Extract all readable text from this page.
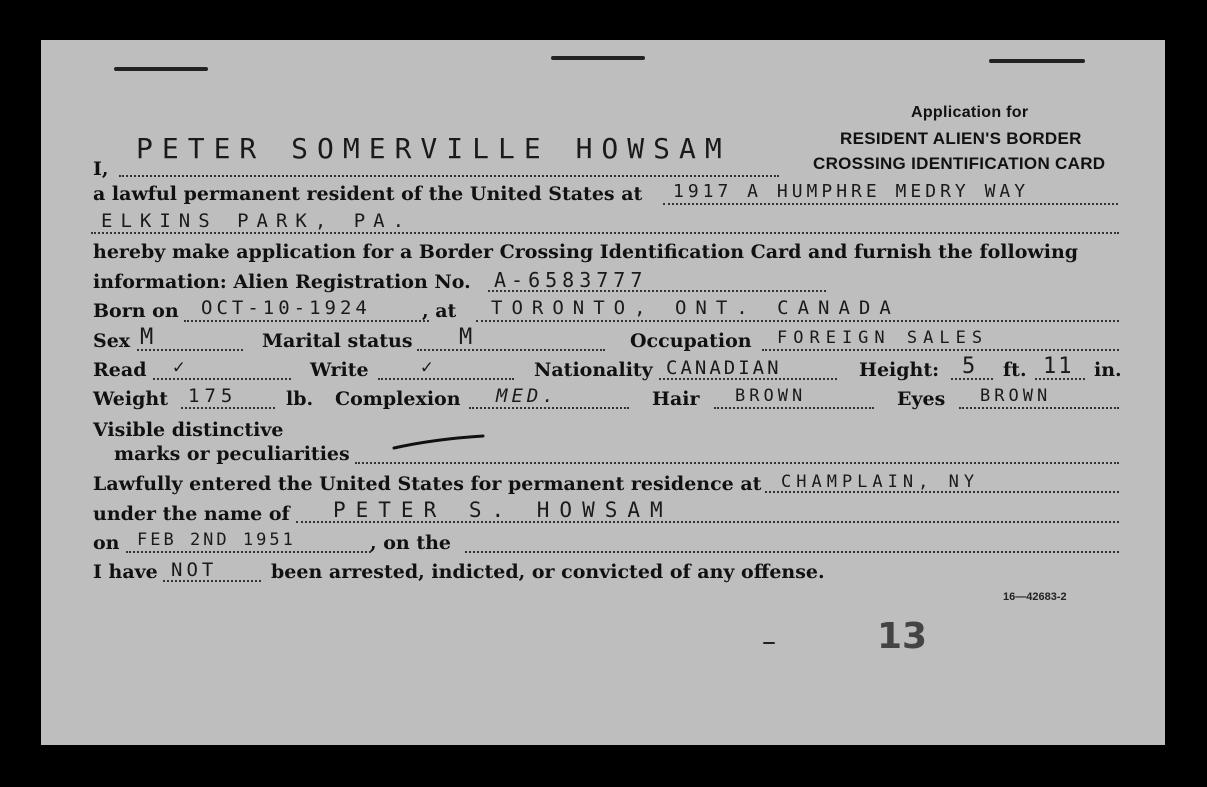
Application for
RESIDENT ALIEN'S BORDER
CROSSING IDENTIFICATION CARD
I,
PETER SOMERVILLE HOWSAM
a lawful permanent resident of the United States at 1917 A HUMPHRE MEDRY WAY
ELKINS PARK, PA.
hereby make application for a Border Crossing Identification Card and furnish the following
information: Alien Registration No. A-6583777
Born on OCT-10-1924	, at TORONTO, ONT. CANADA
Sex M	Marital status M	Occupation FOREIGN SALES
Read ✓	Write	✓	Nationality CANADIAN	Height: 5 ft. 11 in.
Weight 175	lb. Complexion MED.	Hair BROWN	Eyes BROWN
Visible distinctive
marks or peculiarities
Lawfully entered the United States for permanent residence at CHAMPLAIN, NY
under the name of PETER S. HOWSAM
on FEB 2ND 1951	, on the
I have NOT	been arrested, indicted, or convicted of any offense.
16—42683-2
13
